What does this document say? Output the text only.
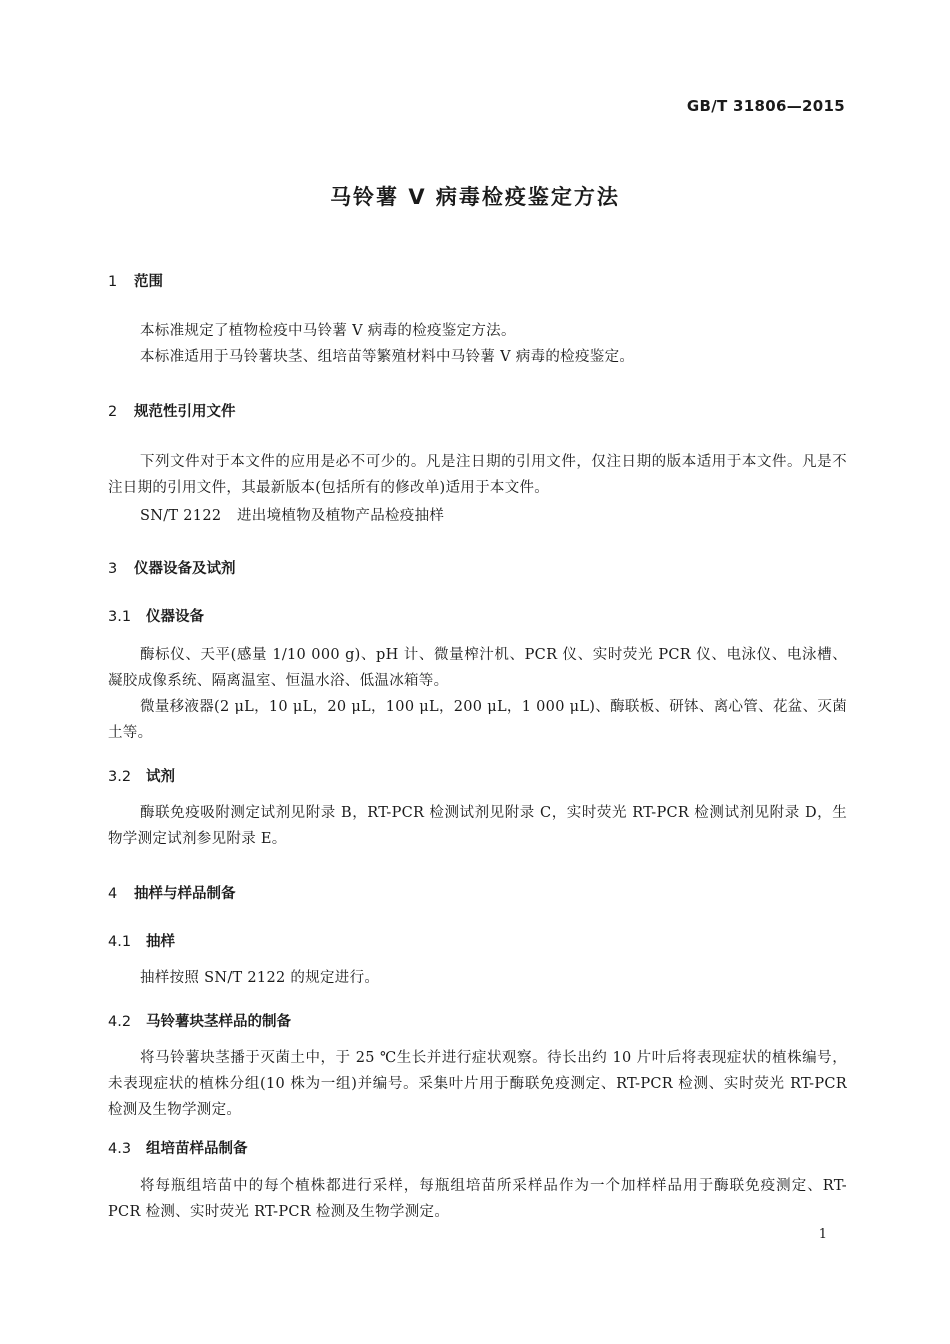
GB/T 31806—2015
马铃薯 V 病毒检疫鉴定方法
1 范围
本标准规定了植物检疫中马铃薯 V 病毒的检疫鉴定方法。
本标准适用于马铃薯块茎、组培苗等繁殖材料中马铃薯 V 病毒的检疫鉴定。
2 规范性引用文件
下列文件对于本文件的应用是必不可少的。凡是注日期的引用文件，仅注日期的版本适用于本文件。凡是不注日期的引用文件，其最新版本(包括所有的修改单)适用于本文件。
SN/T 2122 进出境植物及植物产品检疫抽样
3 仪器设备及试剂
3.1 仪器设备
酶标仪、天平(感量 1/10 000 g)、pH 计、微量榨汁机、PCR 仪、实时荧光 PCR 仪、电泳仪、电泳槽、凝胶成像系统、隔离温室、恒温水浴、低温冰箱等。
微量移液器(2 μL，10 μL，20 μL，100 μL，200 μL，1 000 μL)、酶联板、研钵、离心管、花盆、灭菌土等。
3.2 试剂
酶联免疫吸附测定试剂见附录 B，RT-PCR 检测试剂见附录 C，实时荧光 RT-PCR 检测试剂见附录 D，生物学测定试剂参见附录 E。
4 抽样与样品制备
4.1 抽样
抽样按照 SN/T 2122 的规定进行。
4.2 马铃薯块茎样品的制备
将马铃薯块茎播于灭菌土中，于 25 ℃生长并进行症状观察。待长出约 10 片叶后将表现症状的植株编号，未表现症状的植株分组(10 株为一组)并编号。采集叶片用于酶联免疫测定、RT-PCR 检测、实时荧光 RT-PCR 检测及生物学测定。
4.3 组培苗样品制备
将每瓶组培苗中的每个植株都进行采样，每瓶组培苗所采样品作为一个加样样品用于酶联免疫测定、RT-PCR 检测、实时荧光 RT-PCR 检测及生物学测定。
1
